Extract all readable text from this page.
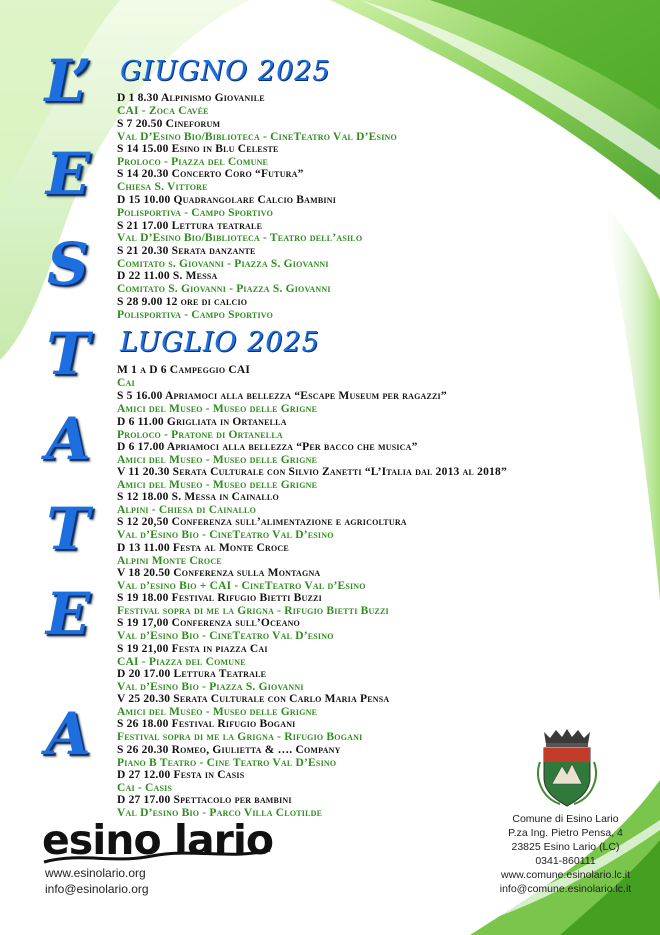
L’
E
S
T
A
T
E
A
GIUGNO 2025
LUGLIO 2025
D 1 8.30 Alpinismo Giovanile
CAI - Zoca Cavèe
S 7 20.50 Cineforum
Val D’Esino Bio/Biblioteca - CineTeatro Val D’Esino
S 14 15.00 Esino in Blu Celeste
Proloco - Piazza del Comune
S 14 20.30 Concerto Coro “Futura”
Chiesa S. Vittore
D 15 10.00 Quadrangolare Calcio Bambini
Polisportiva - Campo Sportivo
S 21 17.00 Lettura teatrale
Val D’Esino Bio/Biblioteca - Teatro dell’asilo
S 21 20.30 Serata danzante
Comitato s. Giovanni - Piazza S. Giovanni
D 22 11.00 S. Messa
Comitato S. Giovanni - Piazza S. Giovanni
S 28 9.00 12 ore di calcio
Polisportiva - Campo Sportivo
M 1 a D 6 Campeggio CAI
Cai
S 5 16.00 Apriamoci alla bellezza “Escape Museum per ragazzi”
Amici del Museo - Museo delle Grigne
D 6 11.00 Grigliata in Ortanella
Proloco - Pratone di Ortanella
D 6 17.00 Apriamoci alla bellezza “Per bacco che musica”
Amici del Museo - Museo delle Grigne
V 11 20.30 Serata Culturale con Silvio Zanetti “L’Italia dal 2013 al 2018”
Amici del Museo - Museo delle Grigne
S 12 18.00 S. Messa in Cainallo
Alpini - Chiesa di Cainallo
S 12 20,50 Conferenza sull’alimentazione e agricoltura
Val d’Esino Bio - CineTeatro Val D’esino
D 13 11.00 Festa al Monte Croce
Alpini Monte Croce
V 18 20.50 Conferenza sulla Montagna
Val d’esino Bio + CAI - CineTeatro Val d’Esino
S 19 18.00 Festival Rifugio Bietti Buzzi
Festival sopra di me la Grigna - Rifugio Bietti Buzzi
S 19 17,00 Conferenza sull’Oceano
Val d’Esino Bio - CineTeatro Val D’esino
S 19 21,00 Festa in piazza Cai
CAI - Piazza del Comune
D 20 17.00 Lettura Teatrale
Val d’Esino Bio - Piazza S. Giovanni
V 25 20.30 Serata Culturale con Carlo Maria Pensa
Amici del Museo - Museo delle Grigne
S 26 18.00 Festival Rifugio Bogani
Festival sopra di me la Grigna - Rifugio Bogani
S 26 20.30 Romeo, Giulietta & …. Company
Piano B Teatro - Cine Teatro Val D’Esino
D 27 12.00 Festa in Casis
Cai - Casis
D 27 17.00 Spettacolo per bambini
Val D’esino Bio - Parco Villa Clotilde
esino lario
www.esinolario.org
info@esinolario.org
Comune di Esino Lario
P.za Ing. Pietro Pensa, 4
23825 Esino Lario (LC)
0341-860111
www.comune.esinolario.lc.it
info@comune.esinolario.lc.it
